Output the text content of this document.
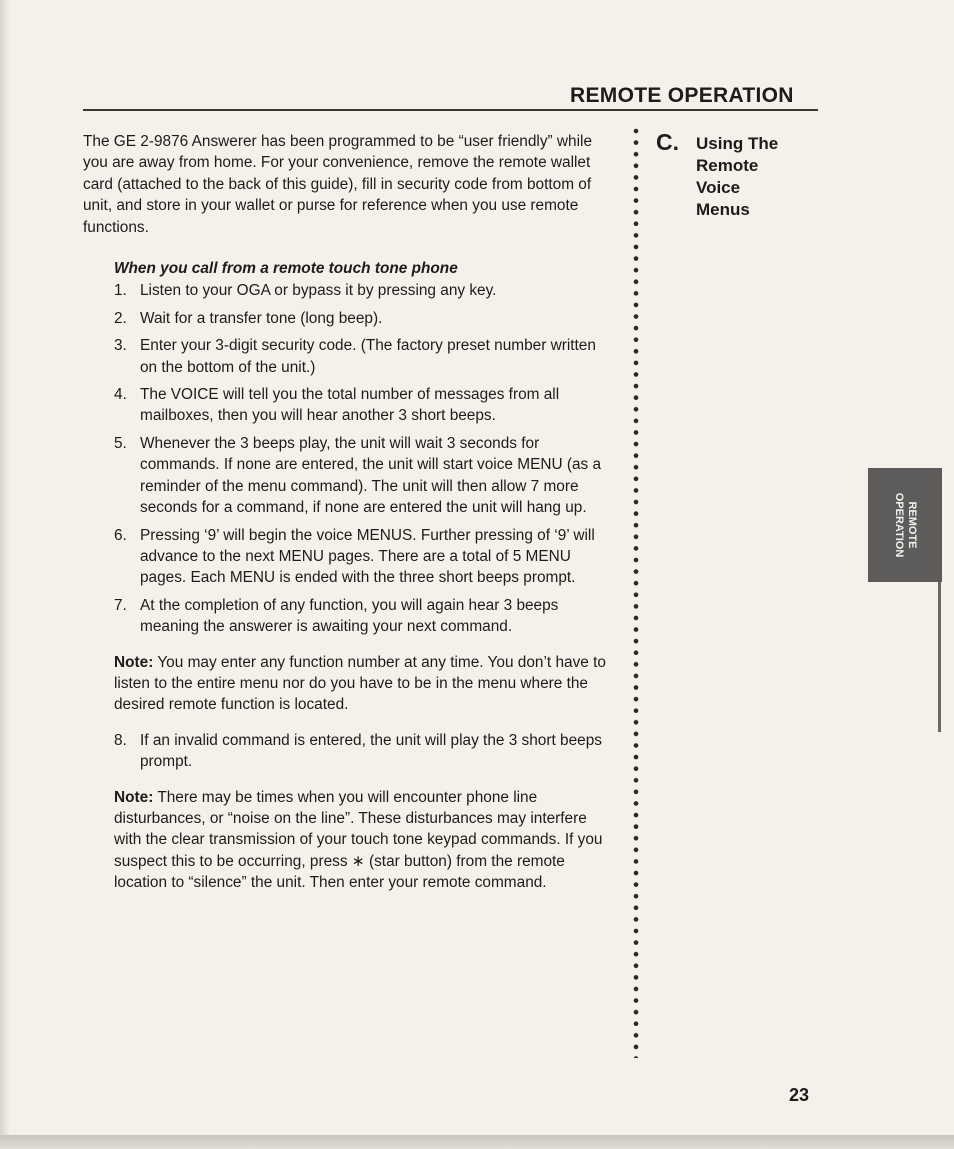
REMOTE OPERATION

The GE 2-9876 Answerer has been programmed to be “user friendly” while you are away from home. For your convenience, remove the remote wallet card (attached to the back of this guide), fill in security code from bottom of unit, and store in your wallet or purse for reference when you use remote functions.

When you call from a remote touch tone phone

1. Listen to your OGA or bypass it by pressing any key.
2. Wait for a transfer tone (long beep).
3. Enter your 3-digit security code. (The factory preset number written on the bottom of the unit.)
4. The VOICE will tell you the total number of messages from all mailboxes, then you will hear another 3 short beeps.
5. Whenever the 3 beeps play, the unit will wait 3 seconds for commands. If none are entered, the unit will start voice MENU (as a reminder of the menu command). The unit will then allow 7 more seconds for a command, if none are entered the unit will hang up.
6. Pressing ‘9’ will begin the voice MENUS. Further pressing of ‘9’ will advance to the next MENU pages. There are a total of 5 MENU pages. Each MENU is ended with the three short beeps prompt.
7. At the completion of any function, you will again hear 3 beeps meaning the answerer is awaiting your next command.

Note: You may enter any function number at any time. You don’t have to listen to the entire menu nor do you have to be in the menu where the desired remote function is located.

8. If an invalid command is entered, the unit will play the 3 short beeps prompt.

Note: There may be times when you will encounter phone line disturbances, or “noise on the line”. These disturbances may interfere with the clear transmission of your touch tone keypad commands. If you suspect this to be occurring, press ∗ (star button) from the remote location to “silence” the unit. Then enter your remote command.

C. Using The
Remote
Voice
Menus
REMOTE
OPERATION
23
